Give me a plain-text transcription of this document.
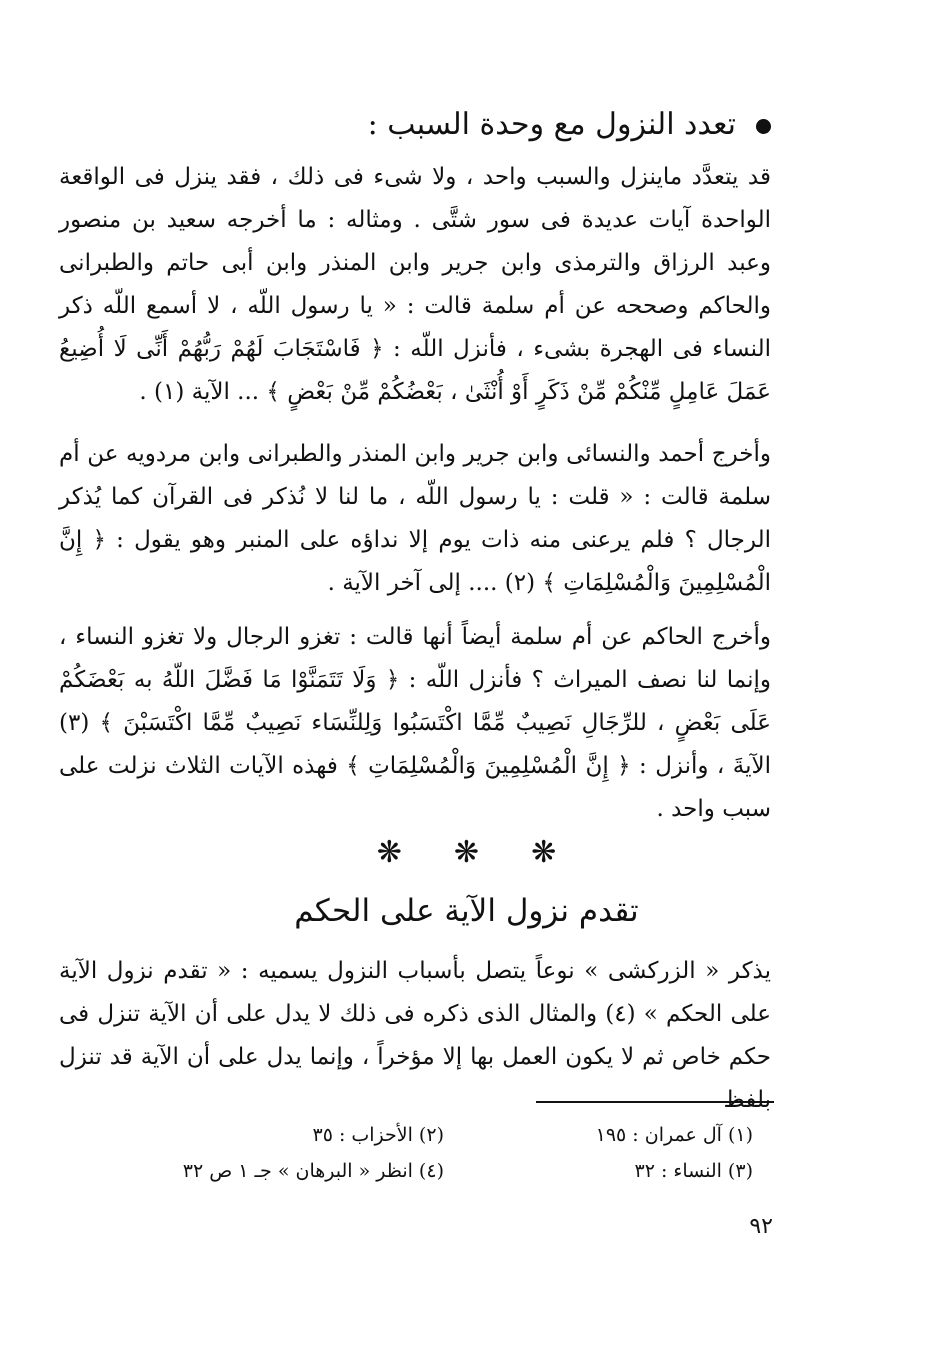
تعدد النزول مع وحدة السبب :

قد يتعدَّد ماينزل والسبب واحد ، ولا شىء فى ذلك ، فقد ينزل فى الواقعة الواحدة آيات عديدة فى سور شتَّى . ومثاله : ما أخرجه سعيد بن منصور وعبد الرزاق والترمذى وابن جرير وابن المنذر وابن أبى حاتم والطبرانى والحاكم وصححه عن أم سلمة قالت : « يا رسول اللّه ، لا أسمع اللّه ذكر النساء فى الهجرة بشىء ، فأنزل اللّه : ﴿ فَاسْتَجَابَ لَهُمْ رَبُّهُمْ أَنِّى لَا أُضِيعُ عَمَلَ عَامِلٍ مِّنْكُمْ مِّنْ ذَكَرٍ أَوْ أُنْثَىٰ ، بَعْضُكُمْ مِّنْ بَعْضٍ ﴾ ... الآية (١) .

وأخرج أحمد والنسائى وابن جرير وابن المنذر والطبرانى وابن مردويه عن أم سلمة قالت : « قلت : يا رسول اللّه ، ما لنا لا نُذكر فى القرآن كما يُذكر الرجال ؟ فلم يرعنى منه ذات يوم إلا نداؤه على المنبر وهو يقول : ﴿ إِنَّ الْمُسْلِمِينَ وَالْمُسْلِمَاتِ ﴾ (٢) .... إلى آخر الآية .

وأخرج الحاكم عن أم سلمة أيضاً أنها قالت : تغزو الرجال ولا تغزو النساء ، وإنما لنا نصف الميراث ؟ فأنزل اللّه : ﴿ وَلَا تَتَمَنَّوْا مَا فَضَّلَ اللّهُ به بَعْضَكُمْ عَلَى بَعْضٍ ، للرِّجَالِ نَصِيبٌ مِّمَّا اكْتَسَبُوا وَلِلنِّسَاء نَصِيبٌ مِّمَّا اكْتَسَبْنَ ﴾ (٣) الآيةَ ، وأنزل : ﴿ إِنَّ الْمُسْلِمِينَ وَالْمُسْلِمَاتِ ﴾ فهذه الآيات الثلاث نزلت على سبب واحد .

❋ ❋ ❋
تقدم نزول الآية على الحكم

يذكر « الزركشى » نوعاً يتصل بأسباب النزول يسميه : « تقدم نزول الآية على الحكم » (٤) والمثال الذى ذكره فى ذلك لا يدل على أن الآية تنزل فى حكم خاص ثم لا يكون العمل بها إلا مؤخراً ، وإنما يدل على أن الآية قد تنزل بلفظ

(١) آل عمران : ١٩٥
(٢) الأحزاب : ٣٥
(٣) النساء : ٣٢
(٤) انظر « البرهان » جـ ١ ص ٣٢
٩٢
